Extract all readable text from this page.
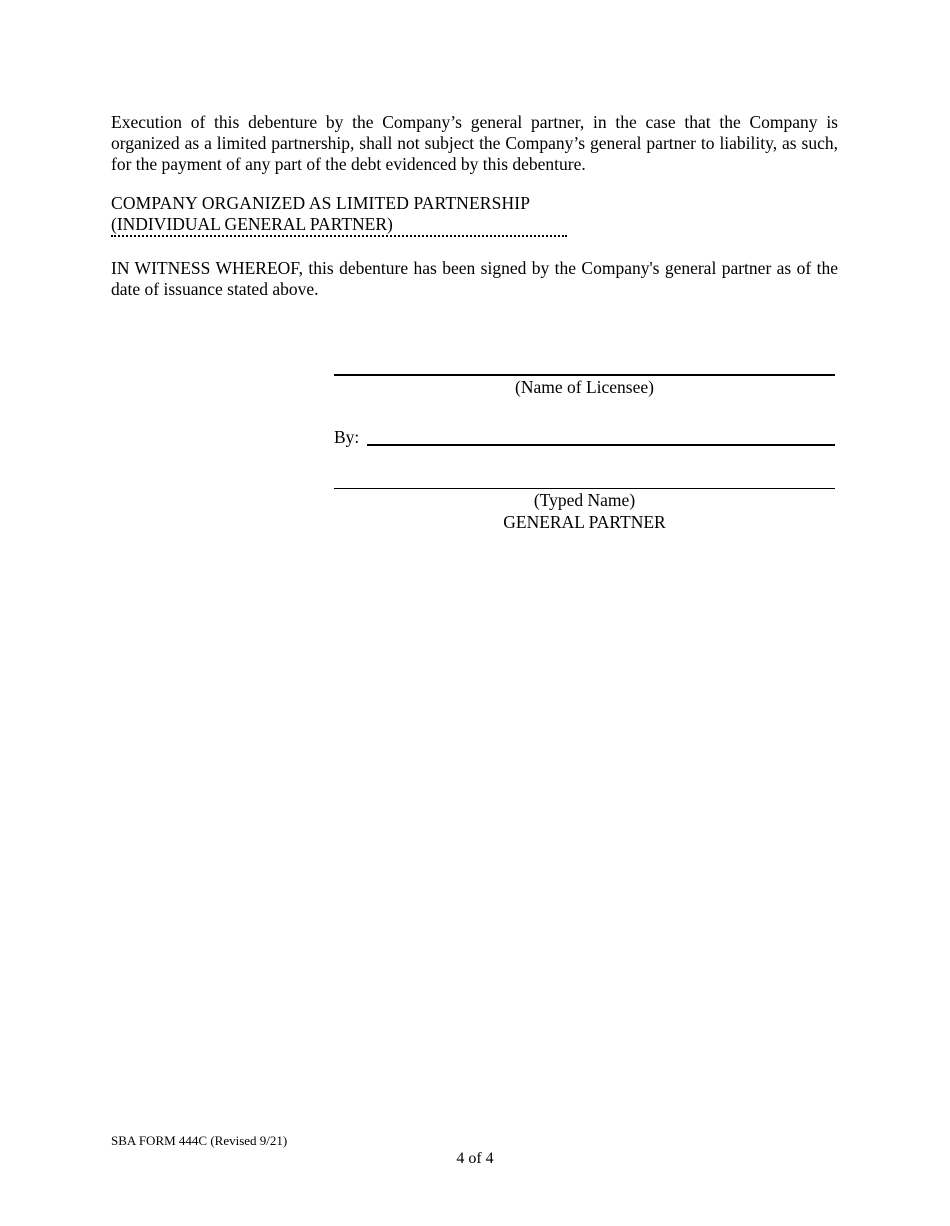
Execution of this debenture by the Company’s general partner, in the case that the Company is organized as a limited partnership, shall not subject the Company’s general partner to liability, as such, for the payment of any part of the debt evidenced by this debenture.

COMPANY ORGANIZED AS LIMITED PARTNERSHIP
(INDIVIDUAL GENERAL PARTNER)

IN WITNESS WHEREOF, this debenture has been signed by the Company's general partner as of the date of issuance stated above.

(Name of Licensee)
By:
(Typed Name)
GENERAL PARTNER
SBA FORM 444C (Revised 9/21)
4 of 4
